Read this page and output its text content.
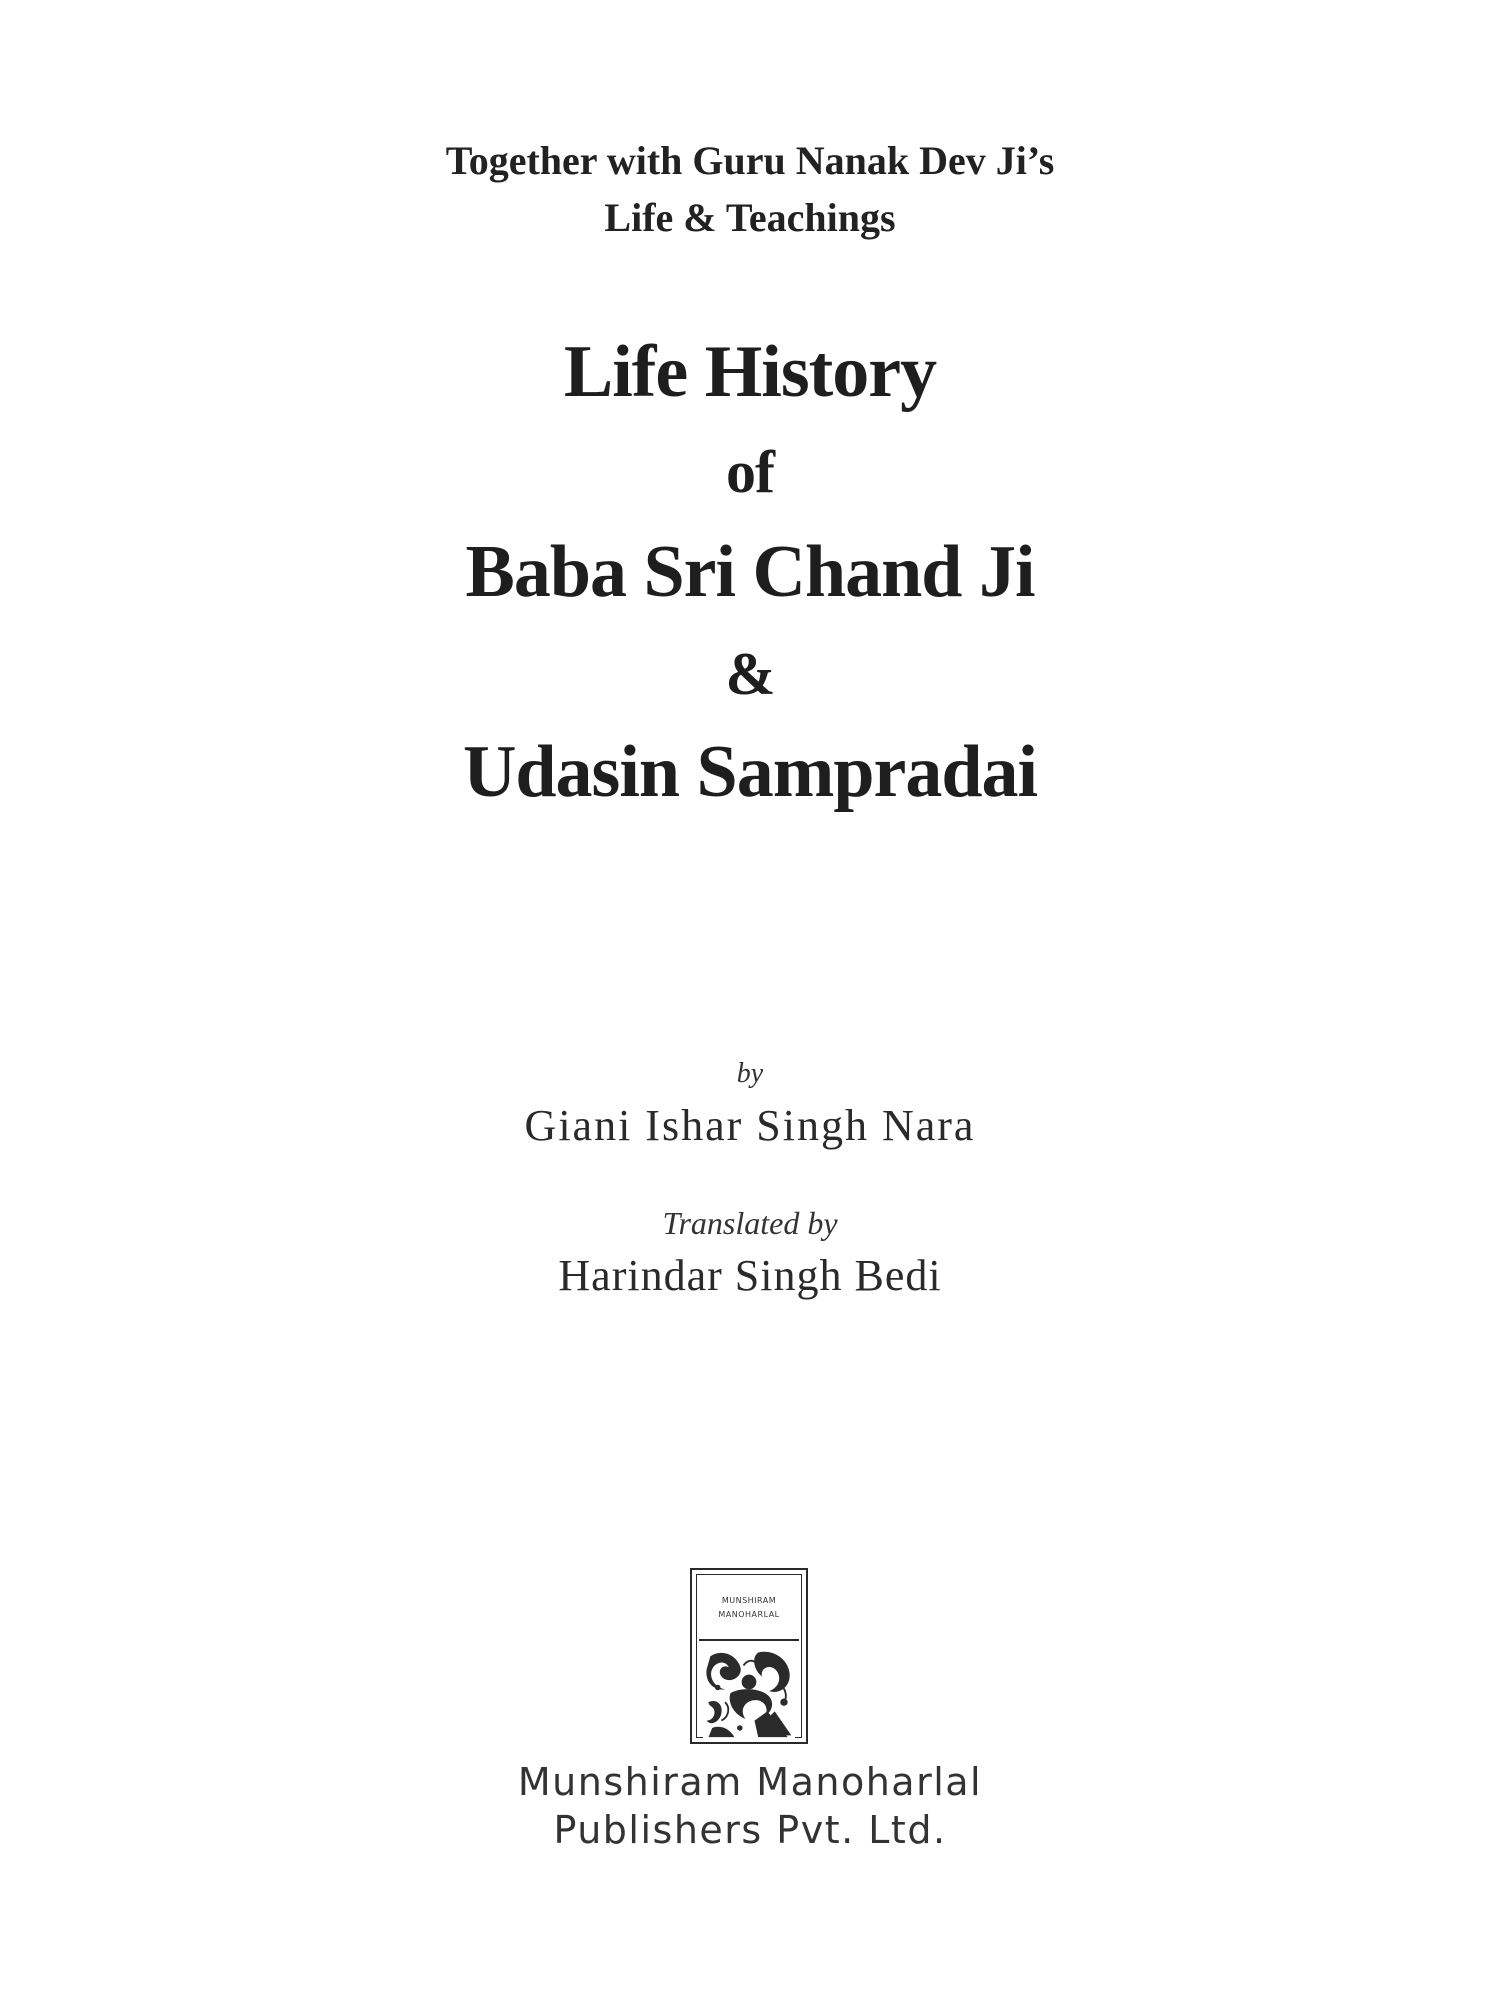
Together with Guru Nanak Dev Ji’s
Life & Teachings
Life History
of
Baba Sri Chand Ji
&
Udasin Sampradai
by
Giani Ishar Singh Nara
Translated by
Harindar Singh Bedi
MUNSHIRAM
MANOHARLAL
Munshiram Manoharlal
Publishers Pvt. Ltd.
